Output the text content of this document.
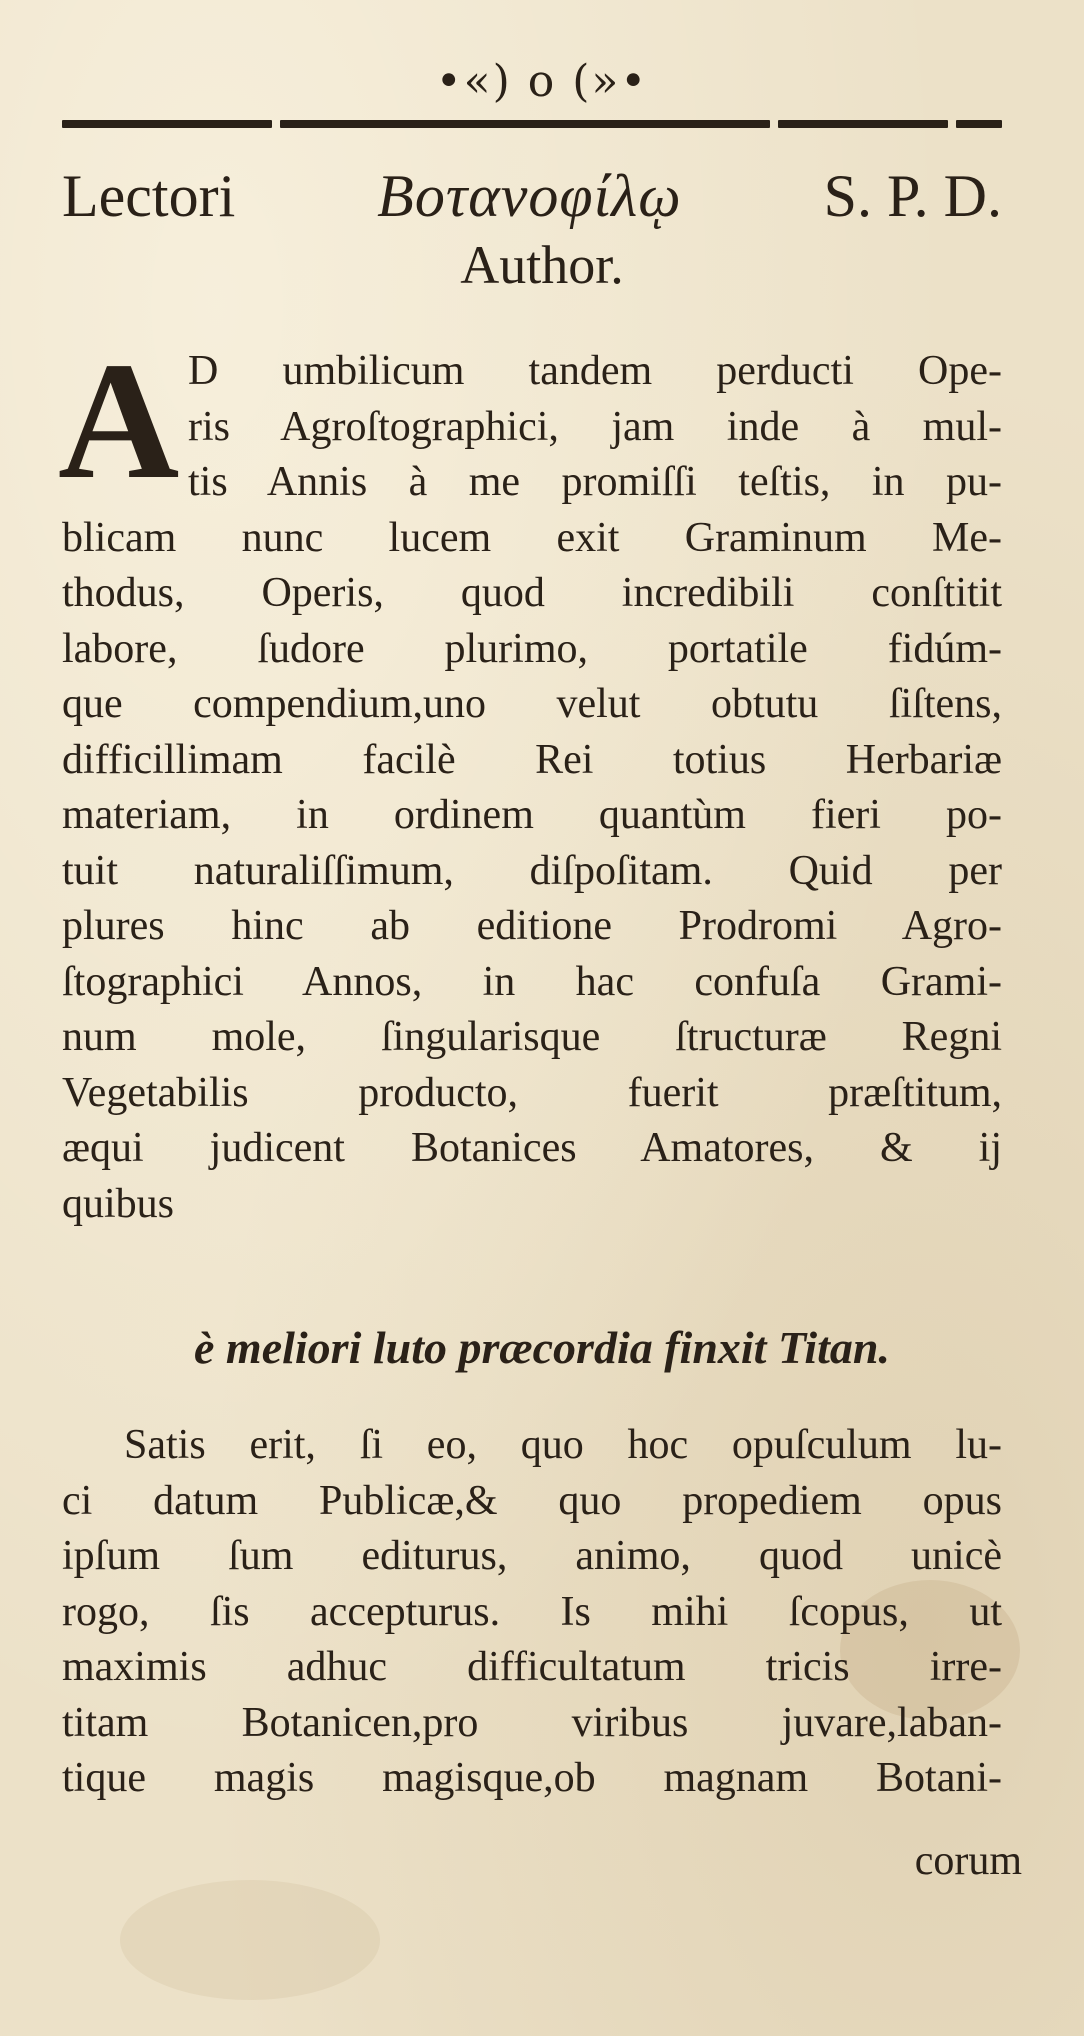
•«) o (»•
Lectori Βοτανοφίλῳ S. P. D.
Author.
A D umbilicum tandem perducti Ope-
ris Agroſtographici, jam inde à mul-
tis Annis à me promiſſi teſtis, in pu-
blicam nunc lucem exit Graminum Me-
thodus, Operis, quod incredibili conſtitit
labore, ſudore plurimo, portatile fidúm-
que compendium,uno velut obtutu ſiſtens,
difficillimam facilè Rei totius Herbariæ
materiam, in ordinem quantùm fieri po-
tuit naturaliſſimum, diſpoſitam. Quid per
plures hinc ab editione Prodromi Agro-
ſtographici Annos, in hac confuſa Grami-
num mole, ſingularisque ſtructuræ Regni
Vegetabilis producto, fuerit præſtitum,
æqui judicent Botanices Amatores, & ij
quibus
è meliori luto præcordia finxit Titan.
Satis erit, ſi eo, quo hoc opuſculum lu-
ci datum Publicæ,& quo propediem opus
ipſum ſum editurus, animo, quod unicè
rogo, ſis accepturus. Is mihi ſcopus, ut
maximis adhuc difficultatum tricis irre-
titam Botanicen,pro viribus juvare,laban-
tique magis magisque,ob magnam Botani-
corum
